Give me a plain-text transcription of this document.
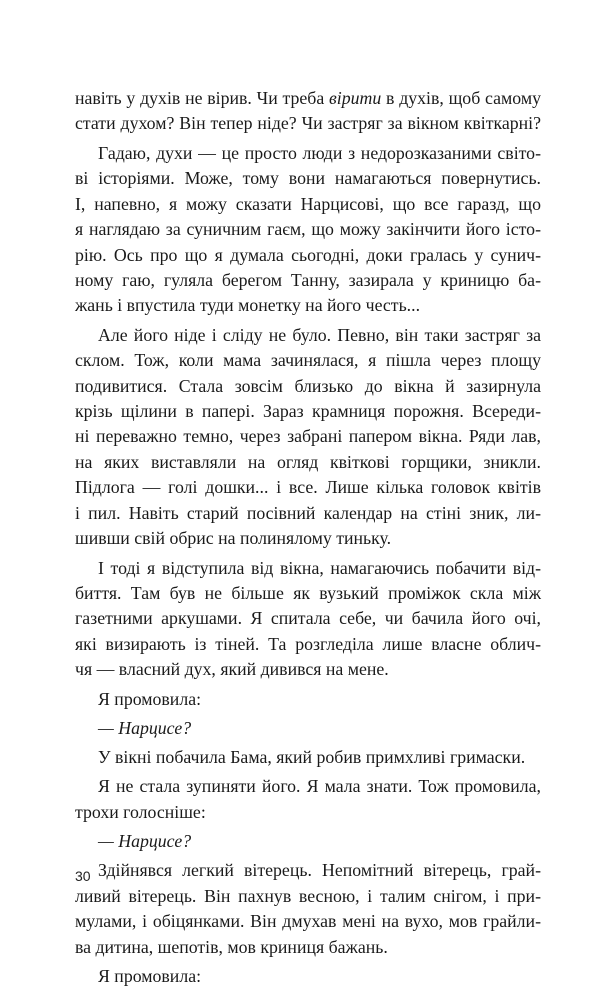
навіть у духів не вірив. Чи треба вірити в духів, щоб самому
стати духом? Він тепер ніде? Чи застряг за вікном квіткарні?

Гадаю, духи — це просто люди з недорозказаними світо-
ві історіями. Може, тому вони намагаються повернутись.
І, напевно, я можу сказати Нарцисові, що все гаразд, що
я наглядаю за суничним гаєм, що можу закінчити його істо-
рію. Ось про що я думала сьогодні, доки гралась у сунич-
ному гаю, гуляла берегом Танну, зазирала у криницю ба-
жань і впустила туди монетку на його честь...

Але його ніде і сліду не було. Певно, він таки застряг за
склом. Тож, коли мама зачинялася, я пішла через площу
подивитися. Стала зовсім близько до вікна й зазирнула
крізь щілини в папері. Зараз крамниця порожня. Всереди-
ні переважно темно, через забрані папером вікна. Ряди лав,
на яких виставляли на огляд квіткові горщики, зникли.
Підлога — голі дошки... і все. Лише кілька головок квітів
і пил. Навіть старий посівний календар на стіні зник, ли-
шивши свій обрис на полинялому тиньку.

І тоді я відступила від вікна, намагаючись побачити від-
биття. Там був не більше як вузький проміжок скла між
газетними аркушами. Я спитала себе, чи бачила його очі,
які визирають із тіней. Та розгледіла лише власне облич-
чя — власний дух, який дивився на мене.

Я промовила:

— Нарцисе?

У вікні побачила Бама, який робив примхливі гримаски.

Я не стала зупиняти його. Я мала знати. Тож промовила,
трохи голосніше:

— Нарцисе?

Здійнявся легкий вітерець. Непомітний вітерець, грай-
ливий вітерець. Він пахнув весною, і талим снігом, і при-
мулами, і обіцянками. Він дмухав мені на вухо, мов грайли-
ва дитина, шепотів, мов криниця бажань.

Я промовила:

30
